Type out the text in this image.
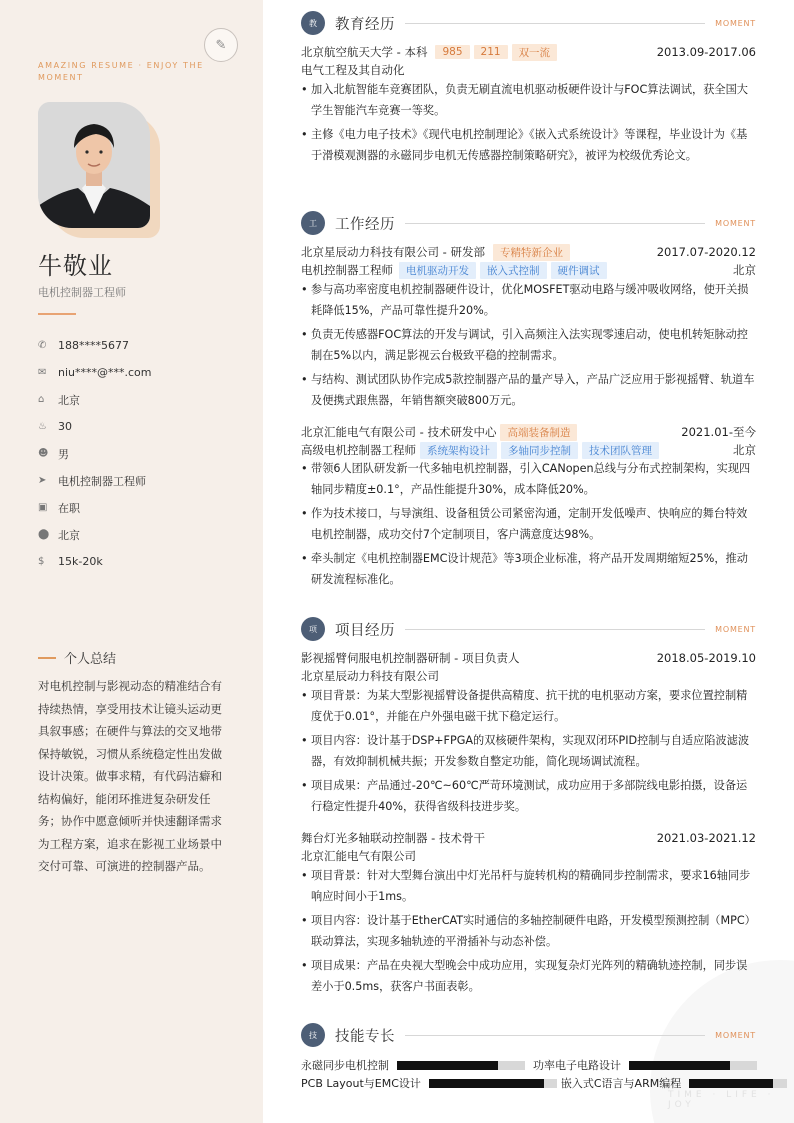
✎
AMAZING RESUME · ENJOY THE MOMENT
牛敬业
电机控制器工程师
✆	188****5677
✉	niu****@***.com
⌂	北京
♨	30
☻ 男
➤	电机控制器工程师
▣ 在职
⬤ 北京
$	15k-20k
个人总结
对电机控制与影视动态的精准结合有持续热情，享受用技术让镜头运动更具叙事感；在硬件与算法的交叉地带保持敏锐，习惯从系统稳定性出发做设计决策。做事求精，有代码洁癖和结构偏好，能闭环推进复杂研发任务；协作中愿意倾听并快速翻译需求为工程方案，追求在影视工业场景中交付可靠、可演进的控制器产品。
TIME · LIFE · JOY
教	教育经历	MOMENT
北京航空航天大学 - 本科	985	211	双一流	2013.09-2017.06
电气工程及其自动化
• 加入北航智能车竞赛团队，负责无刷直流电机驱动板硬件设计与FOC算法调试，获全国大学生智能汽车竞赛一等奖。
• 主修《电力电子技术》《现代电机控制理论》《嵌入式系统设计》等课程，毕业设计为《基于滑模观测器的永磁同步电机无传感器控制策略研究》，被评为校级优秀论文。
工	工作经历	MOMENT
北京星辰动力科技有限公司 - 研发部	专精特新企业	2017.07-2020.12
电机控制器工程师	电机驱动开发	嵌入式控制	硬件调试	北京
• 参与高功率密度电机控制器硬件设计，优化MOSFET驱动电路与缓冲吸收网络，使开关损耗降低15%，产品可靠性提升20%。
• 负责无传感器FOC算法的开发与调试，引入高频注入法实现零速启动，使电机转矩脉动控制在5%以内，满足影视云台极致平稳的控制需求。
• 与结构、测试团队协作完成5款控制器产品的量产导入，产品广泛应用于影视摇臂、轨道车及便携式跟焦器，年销售额突破800万元。
北京汇能电气有限公司 - 技术研发中心	高端装备制造	2021.01-至今
高级电机控制器工程师	系统架构设计	多轴同步控制	技术团队管理	北京
• 带领6人团队研发新一代多轴电机控制器，引入CANopen总线与分布式控制架构，实现四轴同步精度±0.1°，产品性能提升30%，成本降低20%。
• 作为技术接口，与导演组、设备租赁公司紧密沟通，定制开发低噪声、快响应的舞台特效电机控制器，成功交付7个定制项目，客户满意度达98%。
• 牵头制定《电机控制器EMC设计规范》等3项企业标准，将产品开发周期缩短25%，推动研发流程标准化。
项	项目经历	MOMENT
影视摇臂伺服电机控制器研制 - 项目负责人	2018.05-2019.10
北京星辰动力科技有限公司
• 项目背景：为某大型影视摇臂设备提供高精度、抗干扰的电机驱动方案，要求位置控制精度优于0.01°，并能在户外强电磁干扰下稳定运行。
• 项目内容：设计基于DSP+FPGA的双核硬件架构，实现双闭环PID控制与自适应陷波滤波器，有效抑制机械共振；开发参数自整定功能，简化现场调试流程。
• 项目成果：产品通过-20℃~60℃严苛环境测试，成功应用于多部院线电影拍摄，设备运行稳定性提升40%，获得省级科技进步奖。
舞台灯光多轴联动控制器 - 技术骨干	2021.03-2021.12
北京汇能电气有限公司
• 项目背景：针对大型舞台演出中灯光吊杆与旋转机构的精确同步控制需求，要求16轴同步响应时间小于1ms。
• 项目内容：设计基于EtherCAT实时通信的多轴控制硬件电路，开发模型预测控制（MPC）联动算法，实现多轴轨迹的平滑插补与动态补偿。
• 项目成果：产品在央视大型晚会中成功应用，实现复杂灯光阵列的精确轨迹控制，同步误差小于0.5ms，获客户书面表彰。
技	技能专长	MOMENT
永磁同步电机控制	功率电子电路设计
PCB Layout与EMC设计	嵌入式C语言与ARM编程
